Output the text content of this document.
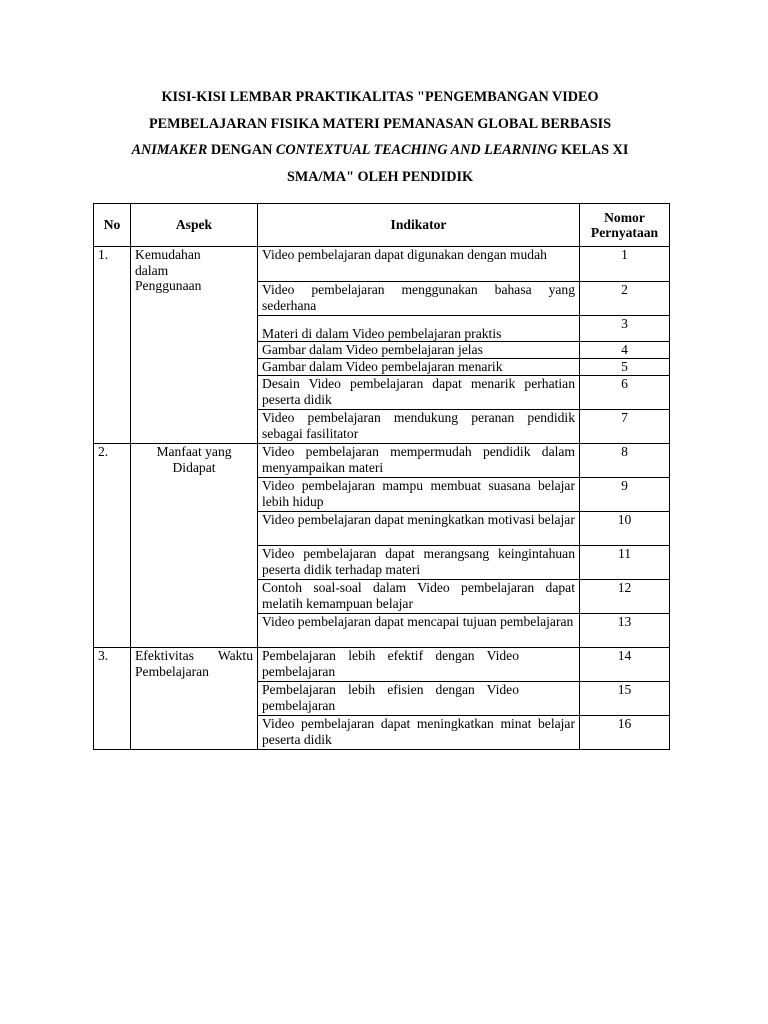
KISI-KISI LEMBAR PRAKTIKALITAS "PENGEMBANGAN VIDEO
PEMBELAJARAN FISIKA MATERI PEMANASAN GLOBAL BERBASIS
ANIMAKER DENGAN CONTEXTUAL TEACHING AND LEARNING KELAS XI
SMA/MA" OLEH PENDIDIK
No	Aspek	Indikator	Nomor
Pernyataan

1.	Kemudahan dalam Penggunaan	Video pembelajaran dapat digunakan dengan mudah	1
		Video pembelajaran menggunakan bahasa yang sederhana	2
		Materi di dalam Video pembelajaran praktis	3
		Gambar dalam Video pembelajaran jelas	4
		Gambar dalam Video pembelajaran menarik	5
		Desain Video pembelajaran dapat menarik perhatian peserta didik	6
		Video pembelajaran mendukung peranan pendidik sebagai fasilitator	7
2.	Manfaat yang Didapat	Video pembelajaran mempermudah pendidik dalam menyampaikan materi	8
		Video pembelajaran mampu membuat suasana belajar lebih hidup	9
		Video pembelajaran dapat meningkatkan motivasi belajar	10
		Video pembelajaran dapat merangsang keingintahuan peserta didik terhadap materi	11
		Contoh soal-soal dalam Video pembelajaran dapat melatih kemampuan belajar	12
		Video pembelajaran dapat mencapai tujuan pembelajaran	13
3.	Efektivitas Waktu Pembelajaran	Pembelajaran lebih efektif dengan Video pembelajaran	14
		Pembelajaran lebih efisien dengan Video pembelajaran	15
		Video pembelajaran dapat meningkatkan minat belajar peserta didik	16
